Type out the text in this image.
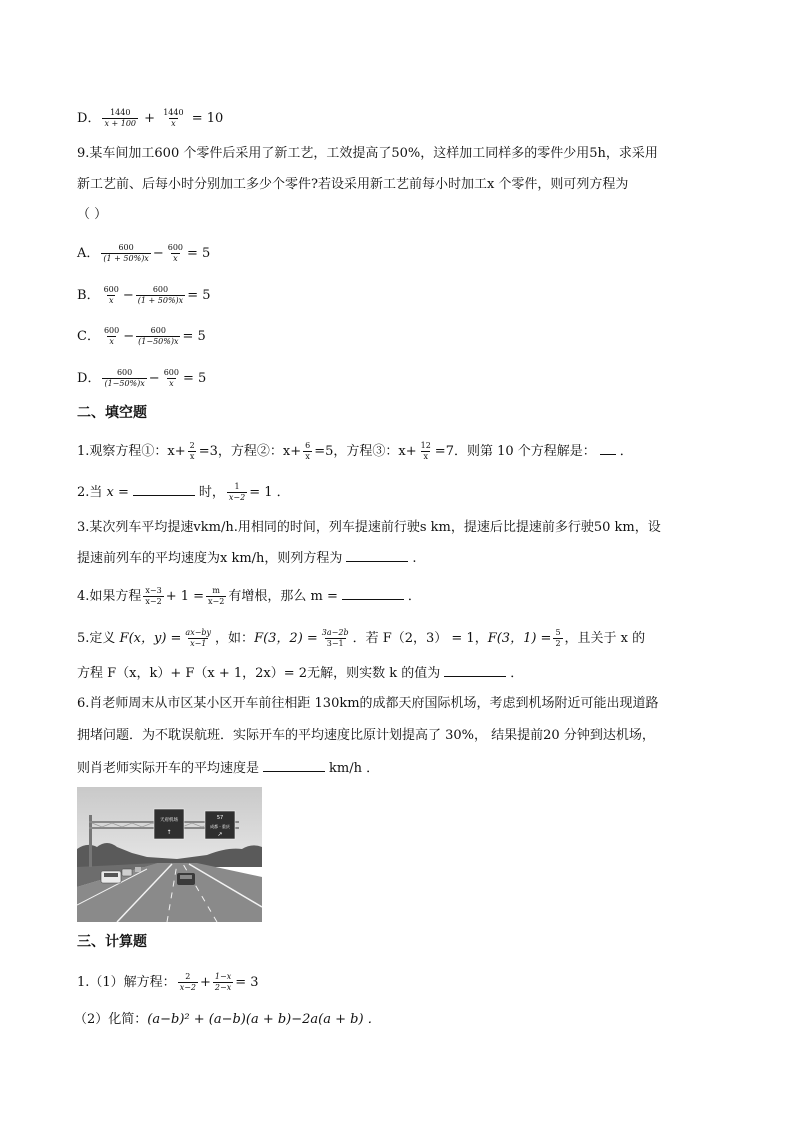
D． $\frac{1440}{x + 100} + \frac{1440}{x} = 10$
9.某车间加工600 个零件后采用了新工艺，工效提高了50%，这样加工同样多的零件少用5h，求采用
新工艺前、后每小时分别加工多少个零件?若设采用新工艺前每小时加工x 个零件，则可列方程为
（ ）
A． $\frac{600}{(1 + 50\%)x} - \frac{600}{x} = 5$
B． $\frac{600}{x} - \frac{600}{(1 + 50\%)x} = 5$
C． $\frac{600}{x} - \frac{600}{(1-50\%)x} = 5$
D． $\frac{600}{(1-50\%)x} - \frac{600}{x} = 5$
二、填空题
1.观察方程①：$x+ \frac{2}{x} =3$，方程②：$x+ \frac{6}{x} =5$，方程③：$x+ \frac{12}{x} =7$．则第 10 个方程解是： ．
2.当 x =	时， $\frac{1}{x-2} = 1$ ．
3.某次列车平均提速vkm/h.用相同的时间，列车提速前行驶s km，提速后比提速前多行驶50 km，设
提速前列车的平均速度为x km/h，则列方程为	.
4.如果方程 $\frac{x-3}{x-2} + 1 = \frac{m}{x-2}$ 有增根，那么 m =	．
5.定义 F(x，$y) = \frac{ax-by}{x-1}$ ，如：F(3，$2) = \frac{3a-2b}{3-1}$ ．若 F（2，3） = 1，F(3，$1) = \frac{5}{2}$ ，且关于 x 的
方程 F（x，k）+ F（x + 1，2x）= 2无解，则实数 k 的值为	．
6.肖老师周末从市区某小区开车前往相距 130km的成都天府国际机场，考虑到机场附近可能出现道路
拥堵问题．为不耽误航班．实际开车的平均速度比原计划提高了 30%， 结果提前20 分钟到达机场，
则肖老师实际开车的平均速度是	km/h ．
天府机场
↑
57
成都 · 重庆
↗
三、计算题
1.（1）解方程： $\frac{2}{x-2} + \frac{1-x}{2-x} = 3$
（2）化简：(a−b)² + (a−b)(a + b)−2a(a + b) ．
